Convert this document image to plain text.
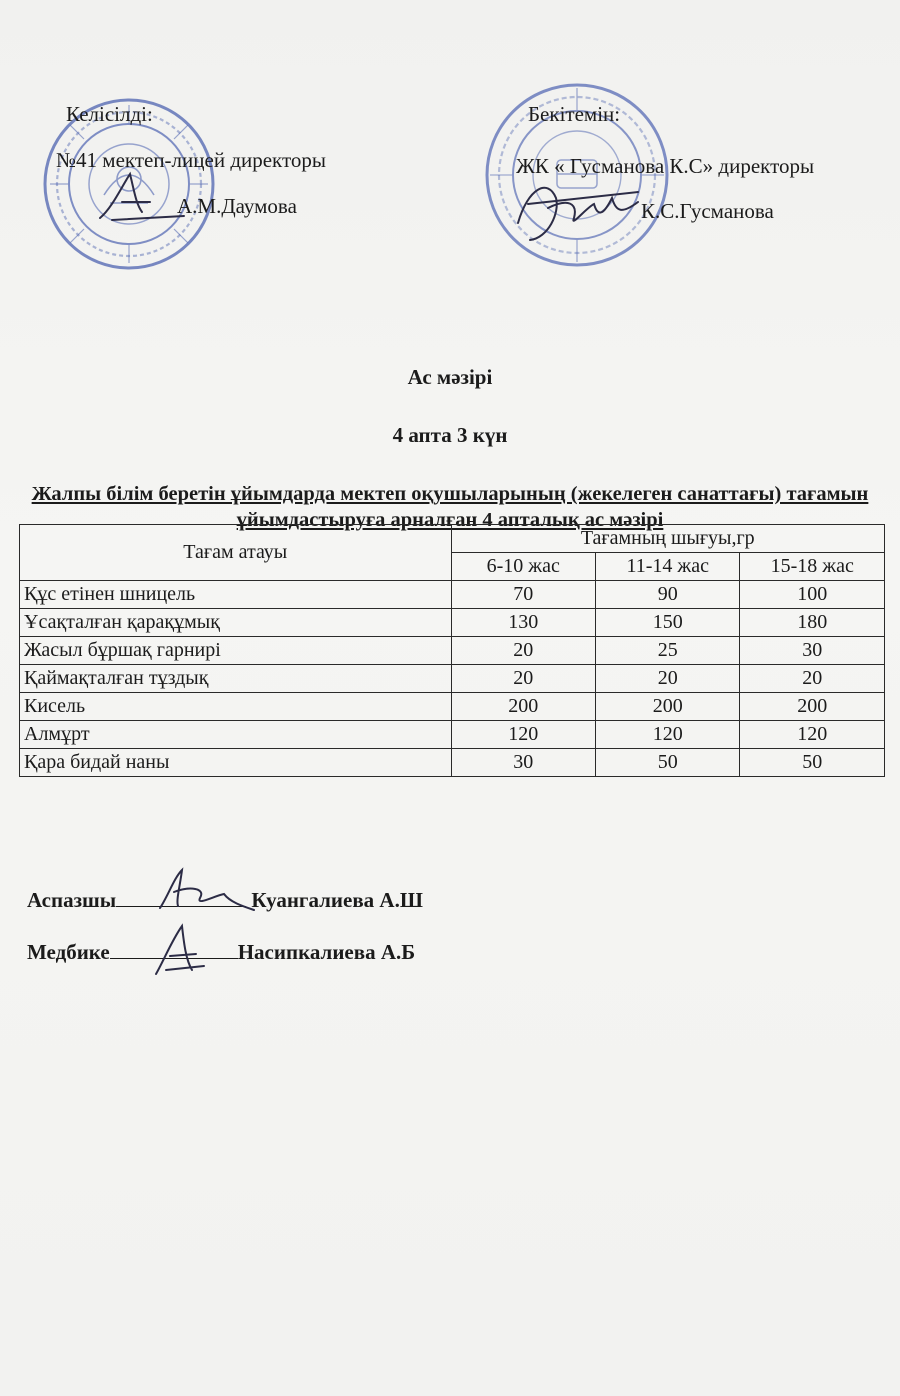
Келісілді:
№41 мектеп-лицей директоры
А.М.Даумова
Бекітемін:
ЖК « Гусманова К.С» директоры
К.С.Гусманова
Ас мәзірі
4 апта 3 күн
Жалпы білім беретін ұйымдарда мектеп оқушыларының (жекелеген санаттағы) тағамын ұйымдастыруға арналған 4 апталық ас мәзірі
Тағам атауы	Тағамның шығуы,гр		
	6-10 жас	11-14 жас	15-18 жас
Құс етінен шницель	70	90	100
Ұсақталған қарақұмық	130	150	180
Жасыл бұршақ гарнирі	20	25	30
Қаймақталған тұздық	20	20	20
Кисель	200	200	200
Алмұрт	120	120	120
Қара бидай наны	30	50	50
Аспазшы	Куангалиева А.Ш
Медбике	Насипкалиева А.Б
